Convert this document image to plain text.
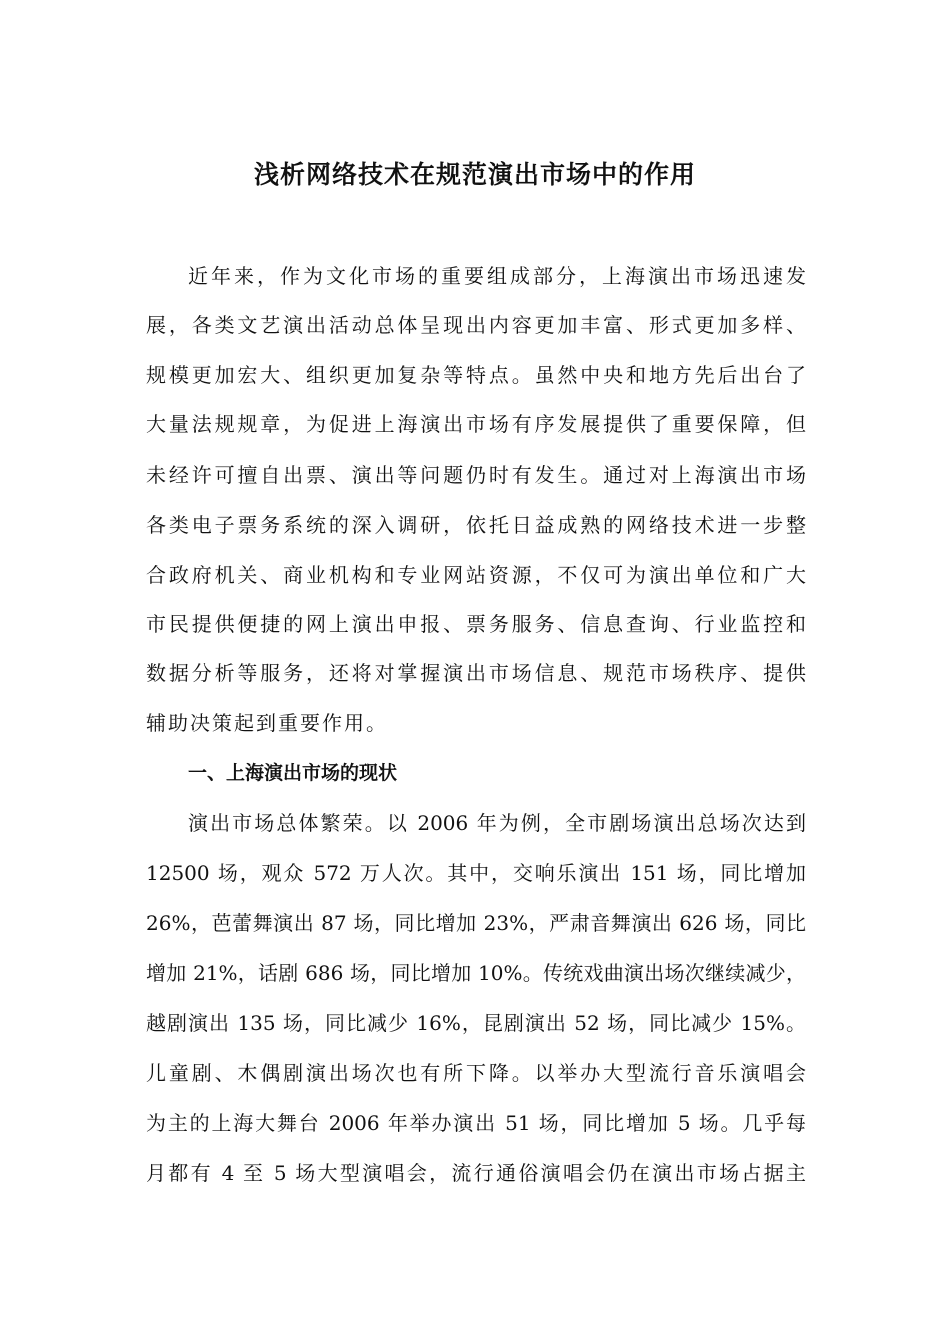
浅析网络技术在规范演出市场中的作用
近年来，作为文化市场的重要组成部分，上海演出市场迅速发
展，各类文艺演出活动总体呈现出内容更加丰富、形式更加多样、
规模更加宏大、组织更加复杂等特点。虽然中央和地方先后出台了
大量法规规章，为促进上海演出市场有序发展提供了重要保障，但
未经许可擅自出票、演出等问题仍时有发生。通过对上海演出市场
各类电子票务系统的深入调研，依托日益成熟的网络技术进一步整
合政府机关、商业机构和专业网站资源，不仅可为演出单位和广大
市民提供便捷的网上演出申报、票务服务、信息查询、行业监控和
数据分析等服务，还将对掌握演出市场信息、规范市场秩序、提供
辅助决策起到重要作用。
一、上海演出市场的现状
演出市场总体繁荣。以 2006 年为例，全市剧场演出总场次达到
12500 场，观众 572 万人次。其中，交响乐演出 151 场，同比增加
26%，芭蕾舞演出 87 场，同比增加 23%，严肃音舞演出 626 场，同比
增加 21%，话剧 686 场，同比增加 10%。传统戏曲演出场次继续减少，
越剧演出 135 场，同比减少 16%，昆剧演出 52 场，同比减少 15%。
儿童剧、木偶剧演出场次也有所下降。以举办大型流行音乐演唱会
为主的上海大舞台 2006 年举办演出 51 场，同比增加 5 场。几乎每
月都有 4 至 5 场大型演唱会，流行通俗演唱会仍在演出市场占据主
